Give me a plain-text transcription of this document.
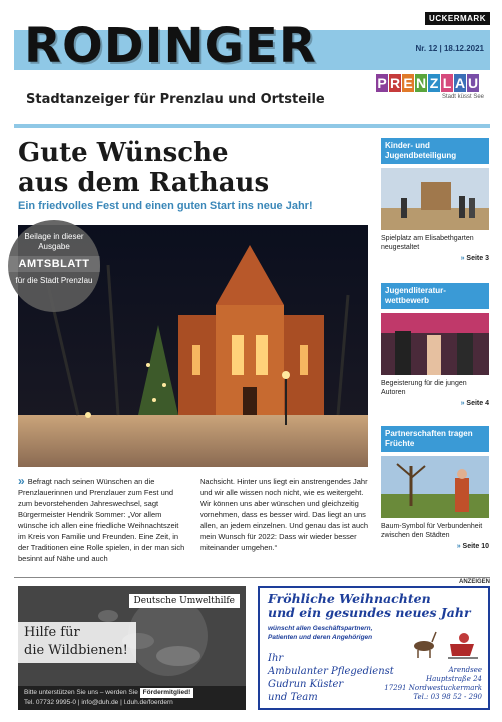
RODINGER
Stadtanzeiger für Prenzlau und Ortsteile
UCKERMARK
Nr. 12 | 18.12.2021
P R E N Z L A U
Stadt küsst See
Gute Wünsche
aus dem Rathaus
Ein friedvolles Fest und einen guten Start ins neue Jahr!
Beilage in dieser Ausgabe
AMTSBLATT
für die Stadt Prenzlau
» Befragt nach seinen Wünschen an die Prenzlauerinnen und Prenzlauer zum Fest und zum bevorstehenden Jahreswechsel, sagt Bürgermeister Hendrik Sommer: „Vor allem wünsche ich allen eine friedliche Weihnachtszeit im Kreis von Familie und Freunden. Eine Zeit, in der Traditionen eine Rolle spielen, in der man sich besinnt auf Nähe und auch
Nachsicht. Hinter uns liegt ein anstrengendes Jahr und wir alle wissen noch nicht, wie es weitergeht. Wir können uns aber wünschen und gleichzeitig vornehmen, dass es besser wird. Das liegt an uns allen, an jedem einzelnen. Und genau das ist auch mein Wunsch für 2022: Dass wir wieder besser miteinander umgehen.“
Kinder- und Jugendbeteiligung
Spielplatz am Elisabethgarten neugestaltet
» Seite 3
Jugendliteratur-wettbewerb
Begeisterung für die jungen Autoren
» Seite 4
Partnerschaften tragen Früchte
Baum-Symbol für Verbundenheit zwischen den Städten
» Seite 10
ANZEIGEN
Deutsche Umwelthilfe
Hilfe für
die Wildbienen!
Bitte unterstützen Sie uns – werden Sie Fördermitglied!
Tel. 07732 9995-0 | info@duh.de | l.duh.de/foerdern
Fröhliche Weihnachten
und ein gesundes neues Jahr
wünscht allen Geschäftspartnern,
Patienten und deren Angehörigen
Ihr
Ambulanter Pflegedienst
Gudrun Küster
und Team
Arendsee
Hauptstraße 24
17291 Nordwestuckermark
Tel.: 03 98 52 - 290
